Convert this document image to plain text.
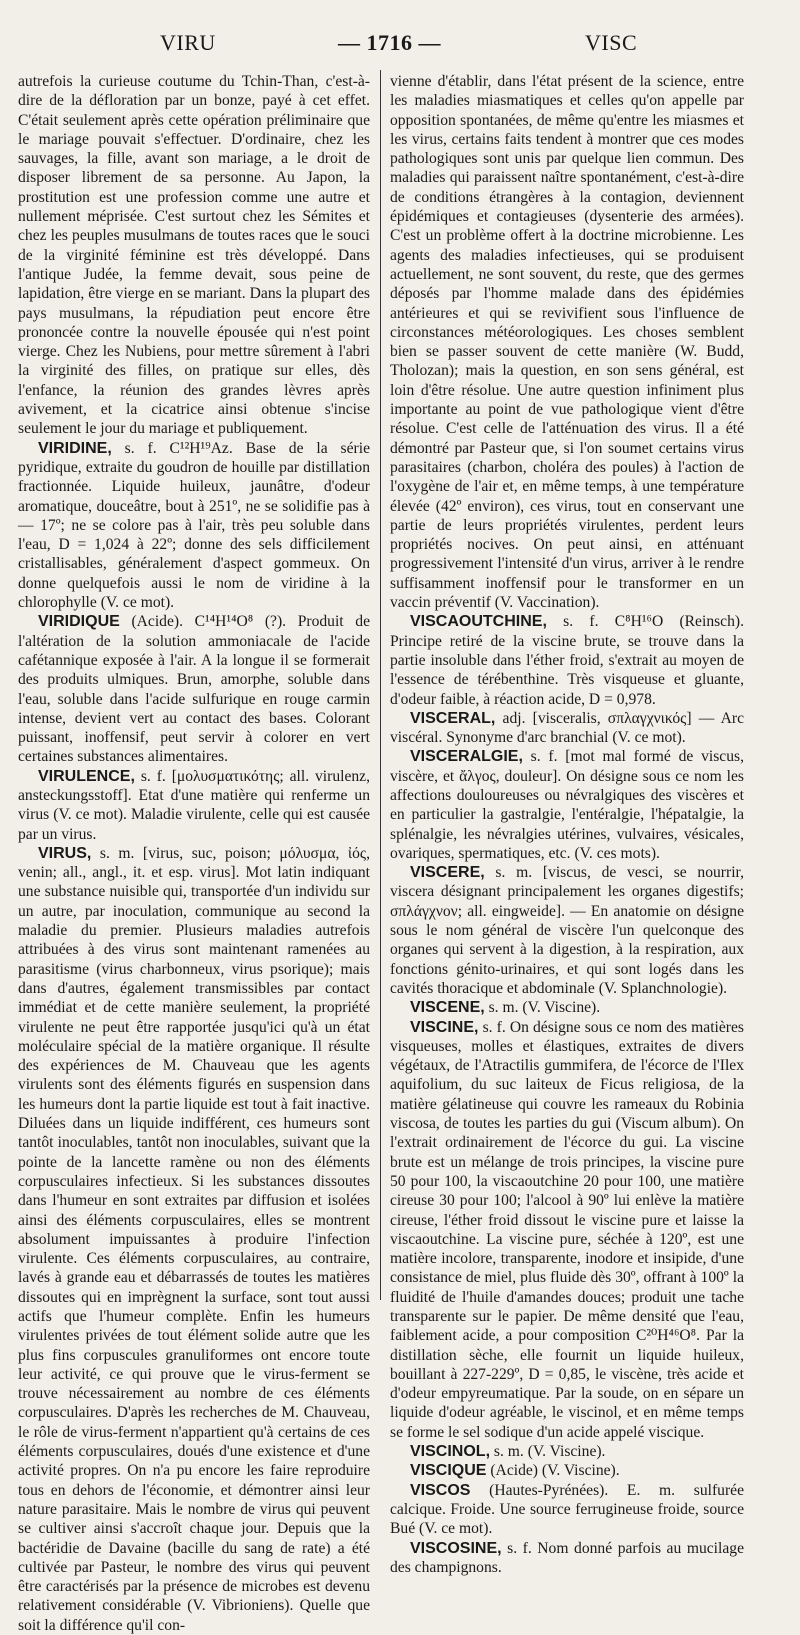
VIRU	— 1716 —	VISC

autrefois la curieuse coutume du Tchin-Than, c'est-à-dire de la défloration par un bonze, payé à cet effet. C'était seulement après cette opération préliminaire que le mariage pouvait s'effectuer. D'ordinaire, chez les sauvages, la fille, avant son mariage, a le droit de disposer librement de sa personne. Au Japon, la prostitution est une profession comme une autre et nullement méprisée. C'est surtout chez les Sémites et chez les peuples musulmans de toutes races que le souci de la virginité féminine est très développé. Dans l'antique Judée, la femme devait, sous peine de lapidation, être vierge en se mariant. Dans la plupart des pays musulmans, la répudiation peut encore être prononcée contre la nouvelle épousée qui n'est point vierge. Chez les Nubiens, pour mettre sûrement à l'abri la virginité des filles, on pratique sur elles, dès l'enfance, la réunion des grandes lèvres après avivement, et la cicatrice ainsi obtenue s'incise seulement le jour du mariage et publiquement.

VIRIDINE, s. f. C¹²H¹⁹Az. Base de la série pyridique, extraite du goudron de houille par distillation fractionnée. Liquide huileux, jaunâtre, d'odeur aromatique, douceâtre, bout à 251º, ne se solidifie pas à — 17º; ne se colore pas à l'air, très peu soluble dans l'eau, D = 1,024 à 22º; donne des sels difficilement cristallisables, généralement d'aspect gommeux. On donne quelquefois aussi le nom de viridine à la chlorophylle (V. ce mot).

VIRIDIQUE (Acide). C¹⁴H¹⁴O⁸ (?). Produit de l'altération de la solution ammoniacale de l'acide cafétannique exposée à l'air. A la longue il se formerait des produits ulmiques. Brun, amorphe, soluble dans l'eau, soluble dans l'acide sulfurique en rouge carmin intense, devient vert au contact des bases. Colorant puissant, inoffensif, peut servir à colorer en vert certaines substances alimentaires.

VIRULENCE, s. f. [μολυσματικότης; all. virulenz, ansteckungsstoff]. Etat d'une matière qui renferme un virus (V. ce mot). Maladie virulente, celle qui est causée par un virus.

VIRUS, s. m. [virus, suc, poison; μόλυσμα, ἰός, venin; all., angl., it. et esp. virus]. Mot latin indiquant une substance nuisible qui, transportée d'un individu sur un autre, par inoculation, communique au second la maladie du premier. Plusieurs maladies autrefois attribuées à des virus sont maintenant ramenées au parasitisme (virus charbonneux, virus psorique); mais dans d'autres, également transmissibles par contact immédiat et de cette manière seulement, la propriété virulente ne peut être rapportée jusqu'ici qu'à un état moléculaire spécial de la matière organique. Il résulte des expériences de M. Chauveau que les agents virulents sont des éléments figurés en suspension dans les humeurs dont la partie liquide est tout à fait inactive. Diluées dans un liquide indifférent, ces humeurs sont tantôt inoculables, tantôt non inoculables, suivant que la pointe de la lancette ramène ou non des éléments corpusculaires infectieux. Si les substances dissoutes dans l'humeur en sont extraites par diffusion et isolées ainsi des éléments corpusculaires, elles se montrent absolument impuissantes à produire l'infection virulente. Ces éléments corpusculaires, au contraire, lavés à grande eau et débarrassés de toutes les matières dissoutes qui en imprègnent la surface, sont tout aussi actifs que l'humeur complète. Enfin les humeurs virulentes privées de tout élément solide autre que les plus fins corpuscules granuliformes ont encore toute leur activité, ce qui prouve que le virus-ferment se trouve nécessairement au nombre de ces éléments corpusculaires. D'après les recherches de M. Chauveau, le rôle de virus-ferment n'appartient qu'à certains de ces éléments corpusculaires, doués d'une existence et d'une activité propres. On n'a pu encore les faire reproduire tous en dehors de l'économie, et démontrer ainsi leur nature parasitaire. Mais le nombre de virus qui peuvent se cultiver ainsi s'accroît chaque jour. Depuis que la bactéridie de Davaine (bacille du sang de rate) a été cultivée par Pasteur, le nombre des virus qui peuvent être caractérisés par la présence de microbes est devenu relativement considérable (V. Vibrioniens). Quelle que soit la différence qu'il con-

vienne d'établir, dans l'état présent de la science, entre les maladies miasmatiques et celles qu'on appelle par opposition spontanées, de même qu'entre les miasmes et les virus, certains faits tendent à montrer que ces modes pathologiques sont unis par quelque lien commun. Des maladies qui paraissent naître spontanément, c'est-à-dire de conditions étrangères à la contagion, deviennent épidémiques et contagieuses (dysenterie des armées). C'est un problème offert à la doctrine microbienne. Les agents des maladies infectieuses, qui se produisent actuellement, ne sont souvent, du reste, que des germes déposés par l'homme malade dans des épidémies antérieures et qui se revivifient sous l'influence de circonstances météorologiques. Les choses semblent bien se passer souvent de cette manière (W. Budd, Tholozan); mais la question, en son sens général, est loin d'être résolue. Une autre question infiniment plus importante au point de vue pathologique vient d'être résolue. C'est celle de l'atténuation des virus. Il a été démontré par Pasteur que, si l'on soumet certains virus parasitaires (charbon, choléra des poules) à l'action de l'oxygène de l'air et, en même temps, à une température élevée (42º environ), ces virus, tout en conservant une partie de leurs propriétés virulentes, perdent leurs propriétés nocives. On peut ainsi, en atténuant progressivement l'intensité d'un virus, arriver à le rendre suffisamment inoffensif pour le transformer en un vaccin préventif (V. Vaccination).

VISCAOUTCHINE, s. f. C⁸H¹⁶O (Reinsch). Principe retiré de la viscine brute, se trouve dans la partie insoluble dans l'éther froid, s'extrait au moyen de l'essence de térébenthine. Très visqueuse et gluante, d'odeur faible, à réaction acide, D = 0,978.

VISCERAL, adj. [visceralis, σπλαγχνικός] — Arc viscéral. Synonyme d'arc branchial (V. ce mot).

VISCERALGIE, s. f. [mot mal formé de viscus, viscère, et ἄλγος, douleur]. On désigne sous ce nom les affections douloureuses ou névralgiques des viscères et en particulier la gastralgie, l'entéralgie, l'hépatalgie, la splénalgie, les névralgies utérines, vulvaires, vésicales, ovariques, spermatiques, etc. (V. ces mots).

VISCERE, s. m. [viscus, de vesci, se nourrir, viscera désignant principalement les organes digestifs; σπλάγχνον; all. eingweide]. — En anatomie on désigne sous le nom général de viscère l'un quelconque des organes qui servent à la digestion, à la respiration, aux fonctions génito-urinaires, et qui sont logés dans les cavités thoracique et abdominale (V. Splanchnologie).

VISCENE, s. m. (V. Viscine).

VISCINE, s. f. On désigne sous ce nom des matières visqueuses, molles et élastiques, extraites de divers végétaux, de l'Atractilis gummifera, de l'écorce de l'Ilex aquifolium, du suc laiteux de Ficus religiosa, de la matière gélatineuse qui couvre les rameaux du Robinia viscosa, de toutes les parties du gui (Viscum album). On l'extrait ordinairement de l'écorce du gui. La viscine brute est un mélange de trois principes, la viscine pure 50 pour 100, la viscaoutchine 20 pour 100, une matière cireuse 30 pour 100; l'alcool à 90º lui enlève la matière cireuse, l'éther froid dissout le viscine pure et laisse la viscaoutchine. La viscine pure, séchée à 120º, est une matière incolore, transparente, inodore et insipide, d'une consistance de miel, plus fluide dès 30º, offrant à 100º la fluidité de l'huile d'amandes douces; produit une tache transparente sur le papier. De même densité que l'eau, faiblement acide, a pour composition C²⁰H⁴⁶O⁸. Par la distillation sèche, elle fournit un liquide huileux, bouillant à 227-229º, D = 0,85, le viscène, très acide et d'odeur empyreumatique. Par la soude, on en sépare un liquide d'odeur agréable, le viscinol, et en même temps se forme le sel sodique d'un acide appelé viscique.

VISCINOL, s. m. (V. Viscine).

VISCIQUE (Acide) (V. Viscine).

VISCOS (Hautes-Pyrénées). E. m. sulfurée calcique. Froide. Une source ferrugineuse froide, source Bué (V. ce mot).

VISCOSINE, s. f. Nom donné parfois au mucilage des champignons.
